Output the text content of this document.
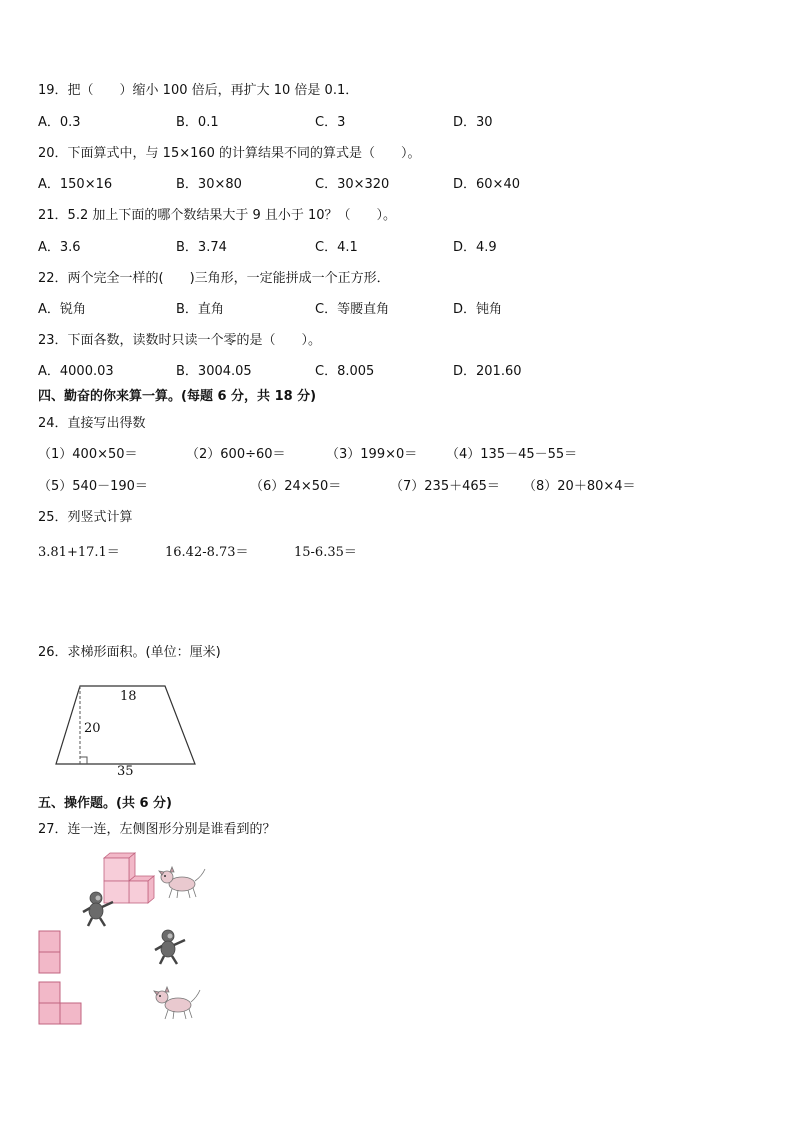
19．把（　　）缩小 100 倍后，再扩大 10 倍是 0.1．
A．0.3	B．0.1	C．3	D．30
20．下面算式中，与 15×160 的计算结果不同的算式是（　　）。
A．150×16	B．30×80	C．30×320	D．60×40
21．5.2 加上下面的哪个数结果大于 9 且小于 10？（　　）。
A．3.6	B．3.74	C．4.1	D．4.9
22．两个完全一样的(　　)三角形，一定能拼成一个正方形．
A．锐角	B．直角	C．等腰直角	D．钝角
23．下面各数，读数时只读一个零的是（　　）。
A．4000.03	B．3004.05	C．8.005	D．201.60
四、勤奋的你来算一算。(每题 6 分，共 18 分)
24．直接写出得数
（1）400×50＝	（2）600÷60＝	（3）199×0＝ （4）135－45－55＝
（5）540－190＝	（6）24×50＝	（7）235＋465＝ （8）20＋80×4＝
25．列竖式计算
3.81+17.1＝	16.42-8.73＝	15-6.35＝
26．求梯形面积。(单位：厘米)
18
20
35
五、操作题。(共 6 分)
27．连一连，左侧图形分别是谁看到的？
